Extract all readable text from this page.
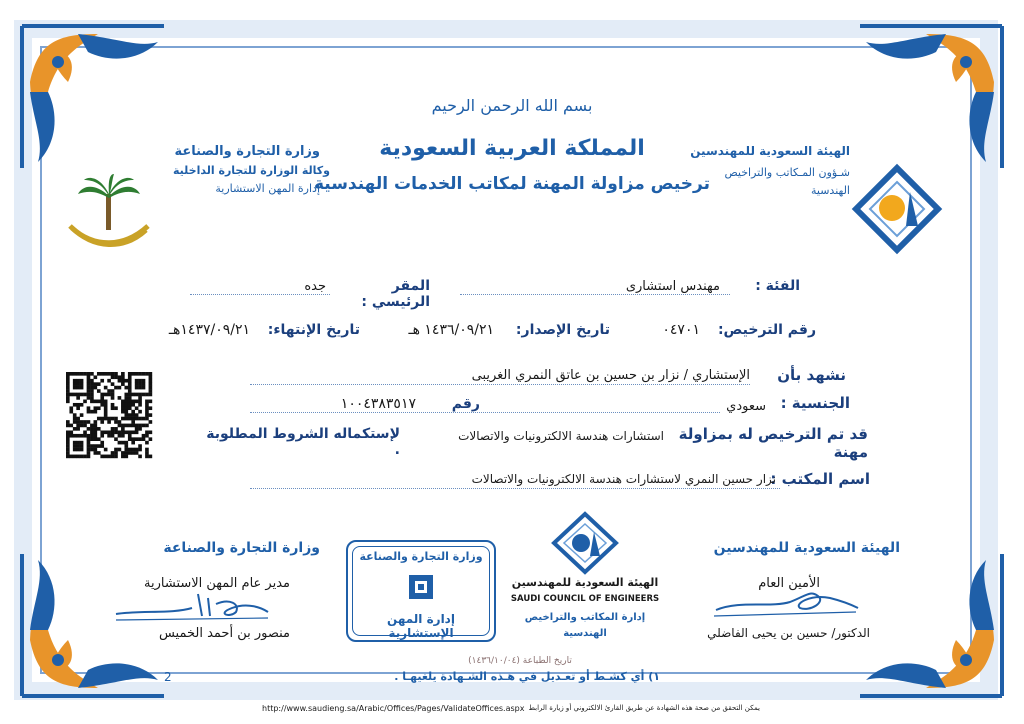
بسم الله الرحمن الرحيم
المملكة العربية السعودية
ترخيص مزاولة المهنة لمكاتب الخدمات الهندسية
الهيئة السعودية للمهندسين
شـؤون المـكاتب والتراخيص
الهندسية
وزارة التجارة والصناعة
وكالة الوزارة للتجارة الداخلية
إدارة المهن الاستشارية
الفئة :
مهندس استشارى
المقر الرئيسي :
جده
رقم الترخيص:
٠٤٧٠١
تاريخ الإصدار:
١٤٣٦/٠٩/٢١ هـ
تاريخ الإنتهاء:
١٤٣٧/٠٩/٢١هـ
نشهد بأن
الإستشاري / نزار بن حسين بن عاتق النمري الغريبى
الجنسية :
سعودي
رقم
١٠٠٤٣٨٣٥١٧
قد تم الترخيص له بمزاولة مهنة
استشارات هندسة الالكترونيات والاتصالات
لإستكماله الشروط المطلوبة .
اسم المكتب :
نزار حسين النمري لاستشارات هندسة الالكترونيات والاتصالات
الهيئة السعودية للمهندسين
الأمين العام
الدكتور/ حسين بن يحيى الفاضلي
وزارة التجارة والصناعة
مدير عام المهن الاستشارية
منصور بن أحمد الخميس
وزارة التجارة والصناعة
إدارة المهن الإستشارية
الهيئة السعودية للمهندسين
SAUDI COUNCIL OF ENGINEERS
إدارة المكاتب والتراخيص
الهندسية
تاريخ الطباعة (١٤٣٦/١٠/٠٤)
١) أي كشـط أو تعـديل في هـذه الشـهادة يلغيهـا .
2
http://www.saudieng.sa/Arabic/Offices/Pages/ValidateOffices.aspx يمكن التحقق من صحة هذه الشهادة عن طريق القارئ الالكتروني أو زيارة الرابط
